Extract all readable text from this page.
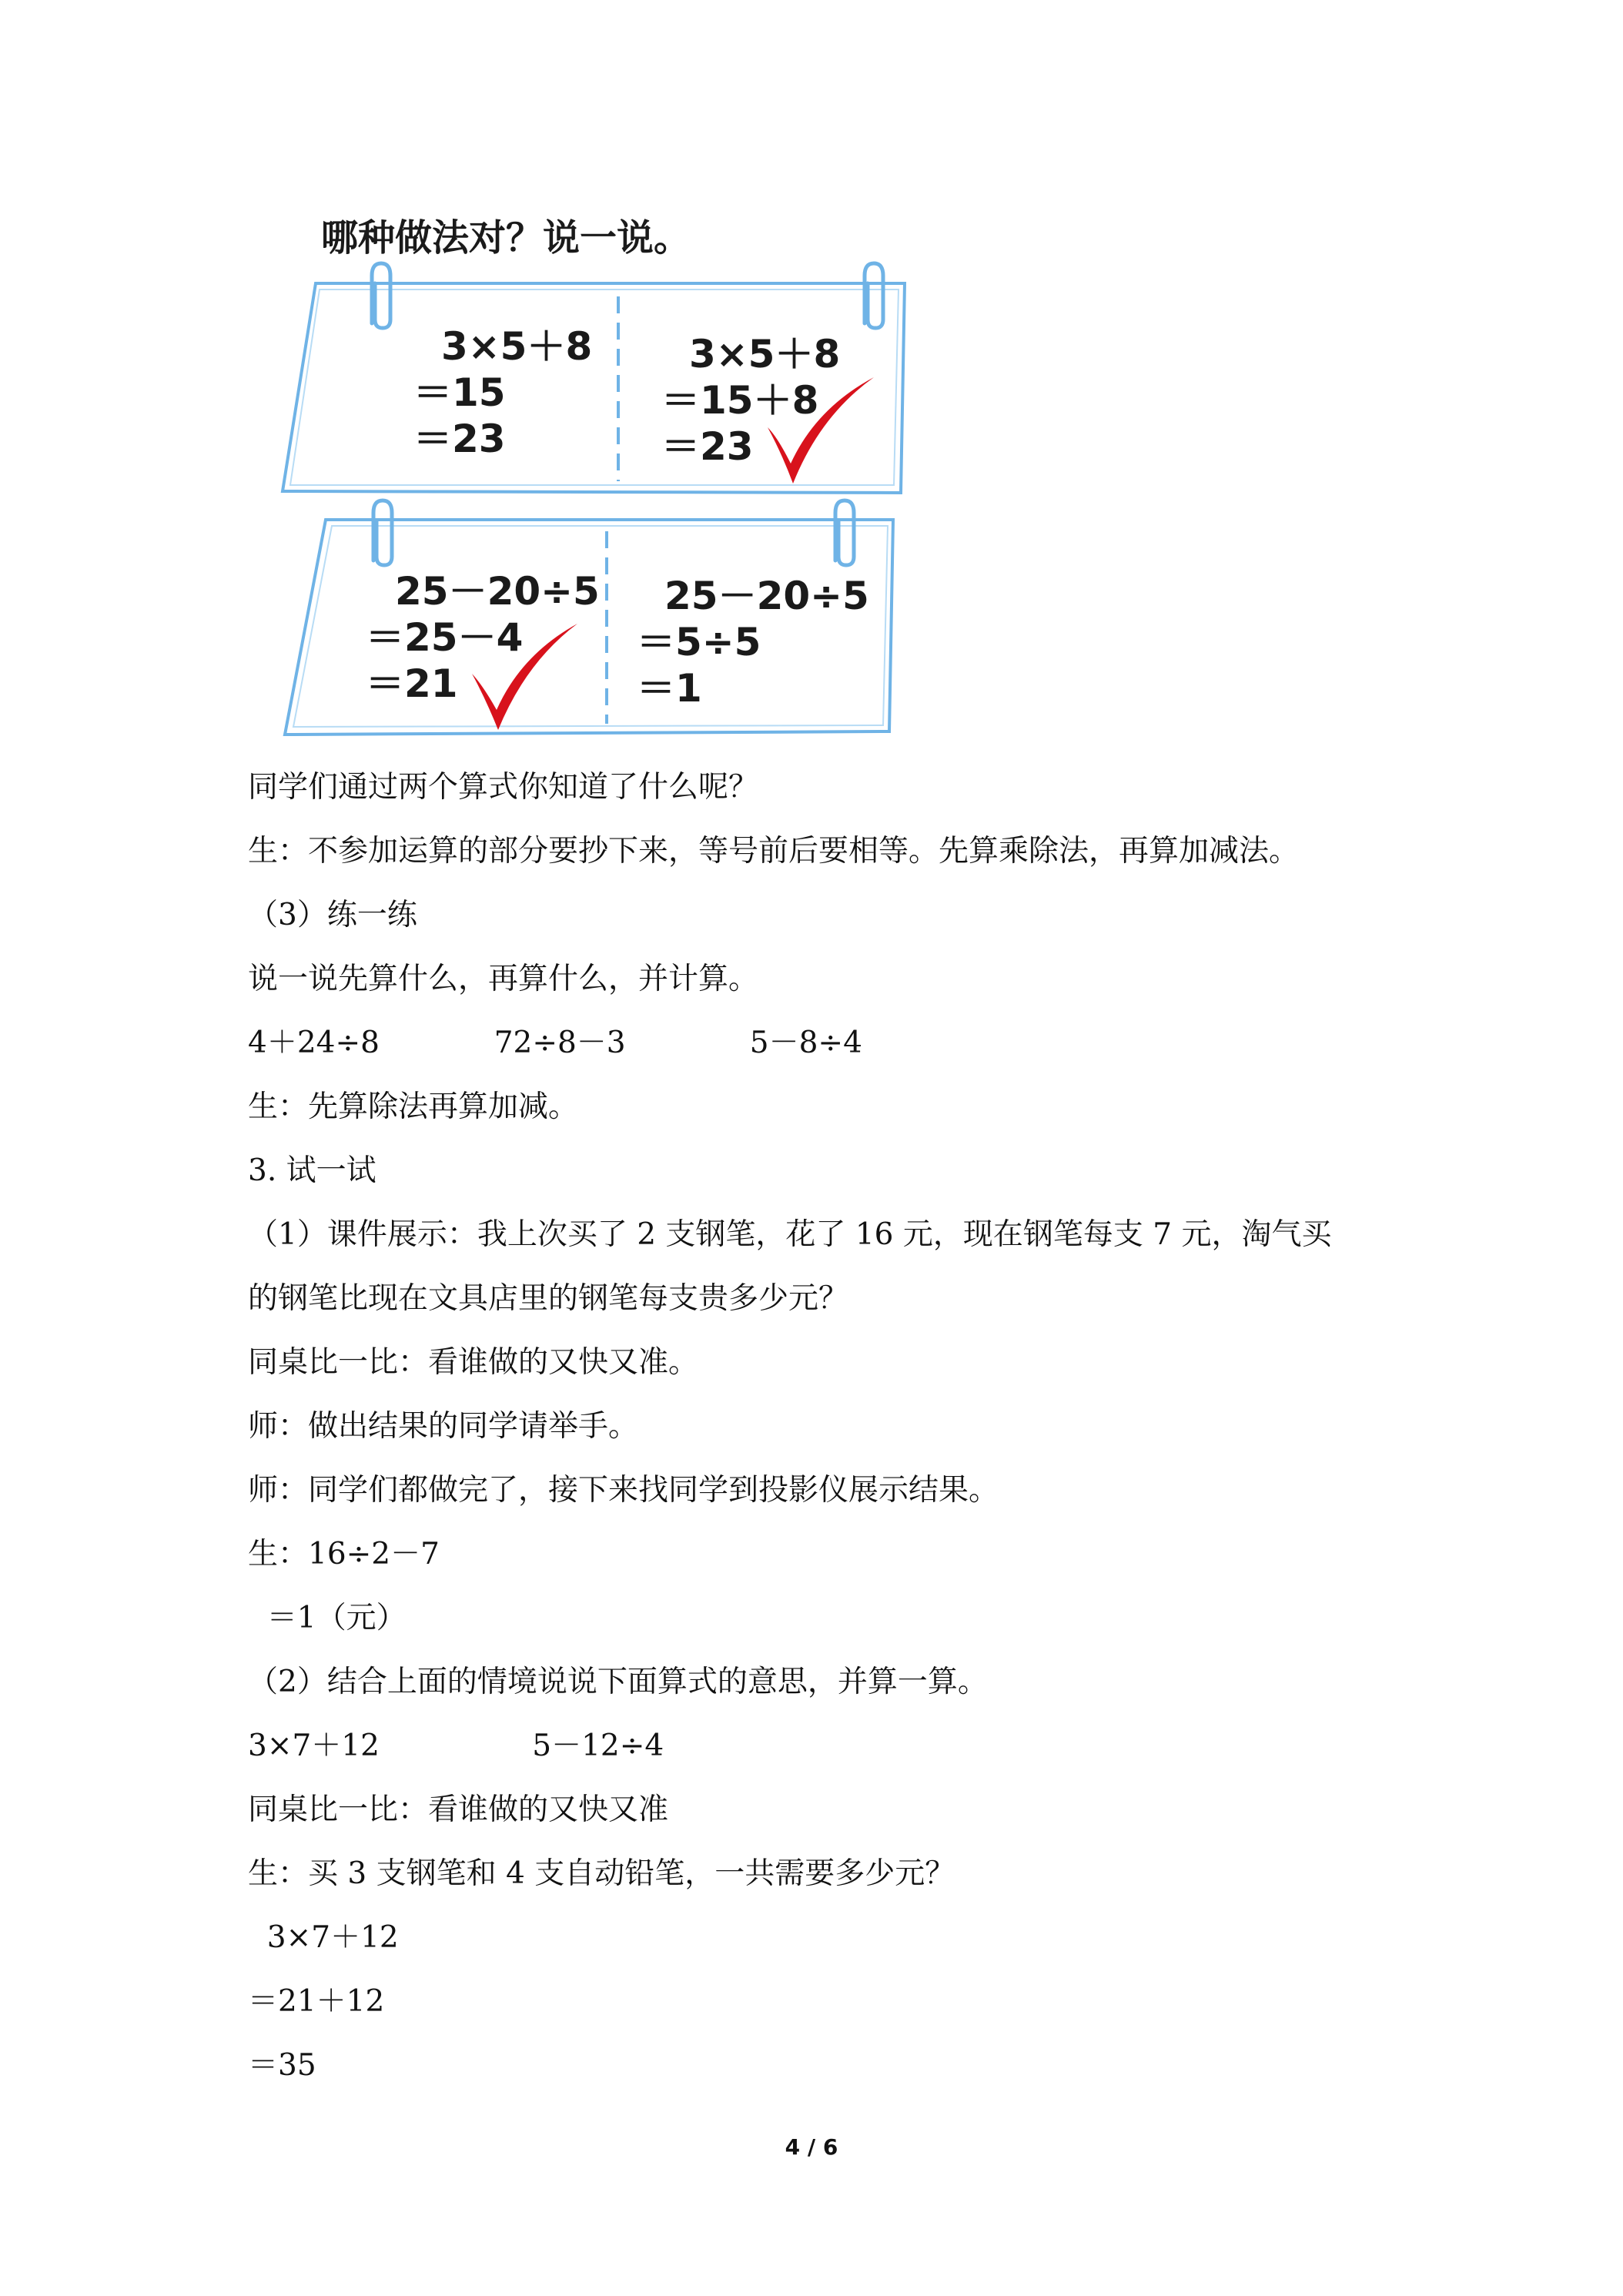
哪种做法对？说一说。
3×5＋8
＝15
＝23
3×5＋8
＝15＋8
＝23
25－20÷5
＝25－4
＝21
25－20÷5
＝5÷5
＝1
同学们通过两个算式你知道了什么呢？
生：不参加运算的部分要抄下来，等号前后要相等。先算乘除法，再算加减法。
（3）练一练
说一说先算什么，再算什么，并计算。
4＋24÷8            72÷8－3             5－8÷4
生：先算除法再算加减。
3. 试一试
（1）课件展示：我上次买了 2 支钢笔，花了 16 元，现在钢笔每支 7 元，淘气买
的钢笔比现在文具店里的钢笔每支贵多少元？
同桌比一比：看谁做的又快又准。
师：做出结果的同学请举手。
师：同学们都做完了，接下来找同学到投影仪展示结果。
生：16÷2－7
＝1（元）
（2）结合上面的情境说说下面算式的意思，并算一算。
3×7＋12                5－12÷4
同桌比一比：看谁做的又快又准
生：买 3 支钢笔和 4 支自动铅笔，一共需要多少元？
3×7＋12
＝21＋12
＝35
4 / 6
